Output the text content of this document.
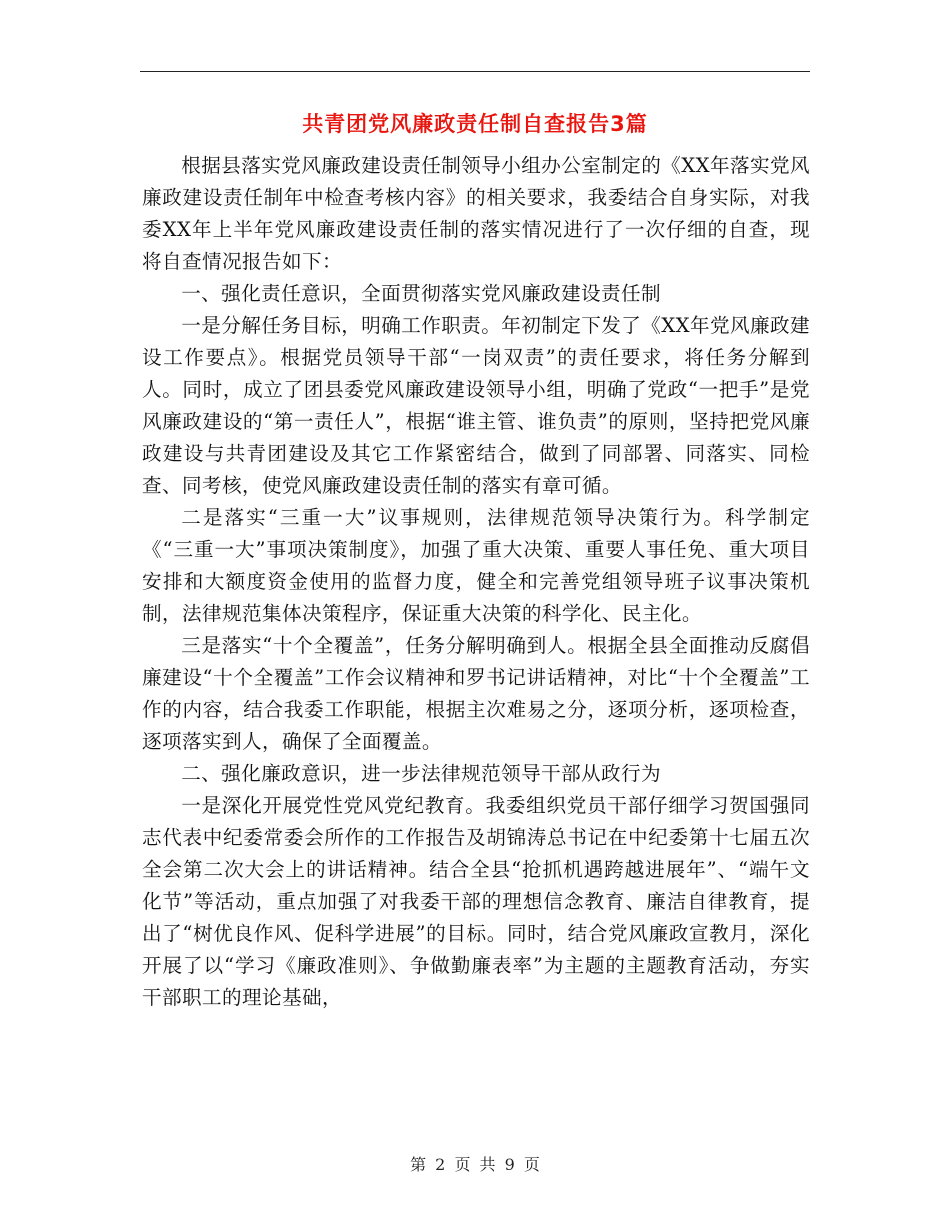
共青团党风廉政责任制自查报告3篇

根据县落实党风廉政建设责任制领导小组办公室制定的《XX年落实党风廉政建设责任制年中检查考核内容》的相关要求，我委结合自身实际，对我委XX年上半年党风廉政建设责任制的落实情况进行了一次仔细的自查，现将自查情况报告如下：

一、强化责任意识，全面贯彻落实党风廉政建设责任制

一是分解任务目标，明确工作职责。年初制定下发了《XX年党风廉政建设工作要点》。根据党员领导干部“一岗双责”的责任要求，将任务分解到人。同时，成立了团县委党风廉政建设领导小组，明确了党政“一把手”是党风廉政建设的“第一责任人”，根据“谁主管、谁负责”的原则，坚持把党风廉政建设与共青团建设及其它工作紧密结合，做到了同部署、同落实、同检查、同考核，使党风廉政建设责任制的落实有章可循。

二是落实“三重一大”议事规则，法律规范领导决策行为。科学制定《“三重一大”事项决策制度》，加强了重大决策、重要人事任免、重大项目安排和大额度资金使用的监督力度，健全和完善党组领导班子议事决策机制，法律规范集体决策程序，保证重大决策的科学化、民主化。

三是落实“十个全覆盖”，任务分解明确到人。根据全县全面推动反腐倡廉建设“十个全覆盖”工作会议精神和罗书记讲话精神，对比“十个全覆盖”工作的内容，结合我委工作职能，根据主次难易之分，逐项分析，逐项检查，逐项落实到人，确保了全面覆盖。

二、强化廉政意识，进一步法律规范领导干部从政行为

一是深化开展党性党风党纪教育。我委组织党员干部仔细学习贺国强同志代表中纪委常委会所作的工作报告及胡锦涛总书记在中纪委第十七届五次全会第二次大会上的讲话精神。结合全县“抢抓机遇跨越进展年”、“端午文化节”等活动，重点加强了对我委干部的理想信念教育、廉洁自律教育，提出了“树优良作风、促科学进展”的目标。同时，结合党风廉政宣教月，深化开展了以“学习《廉政准则》、争做勤廉表率”为主题的主题教育活动，夯实干部职工的理论基础，

第 2 页 共 9 页
